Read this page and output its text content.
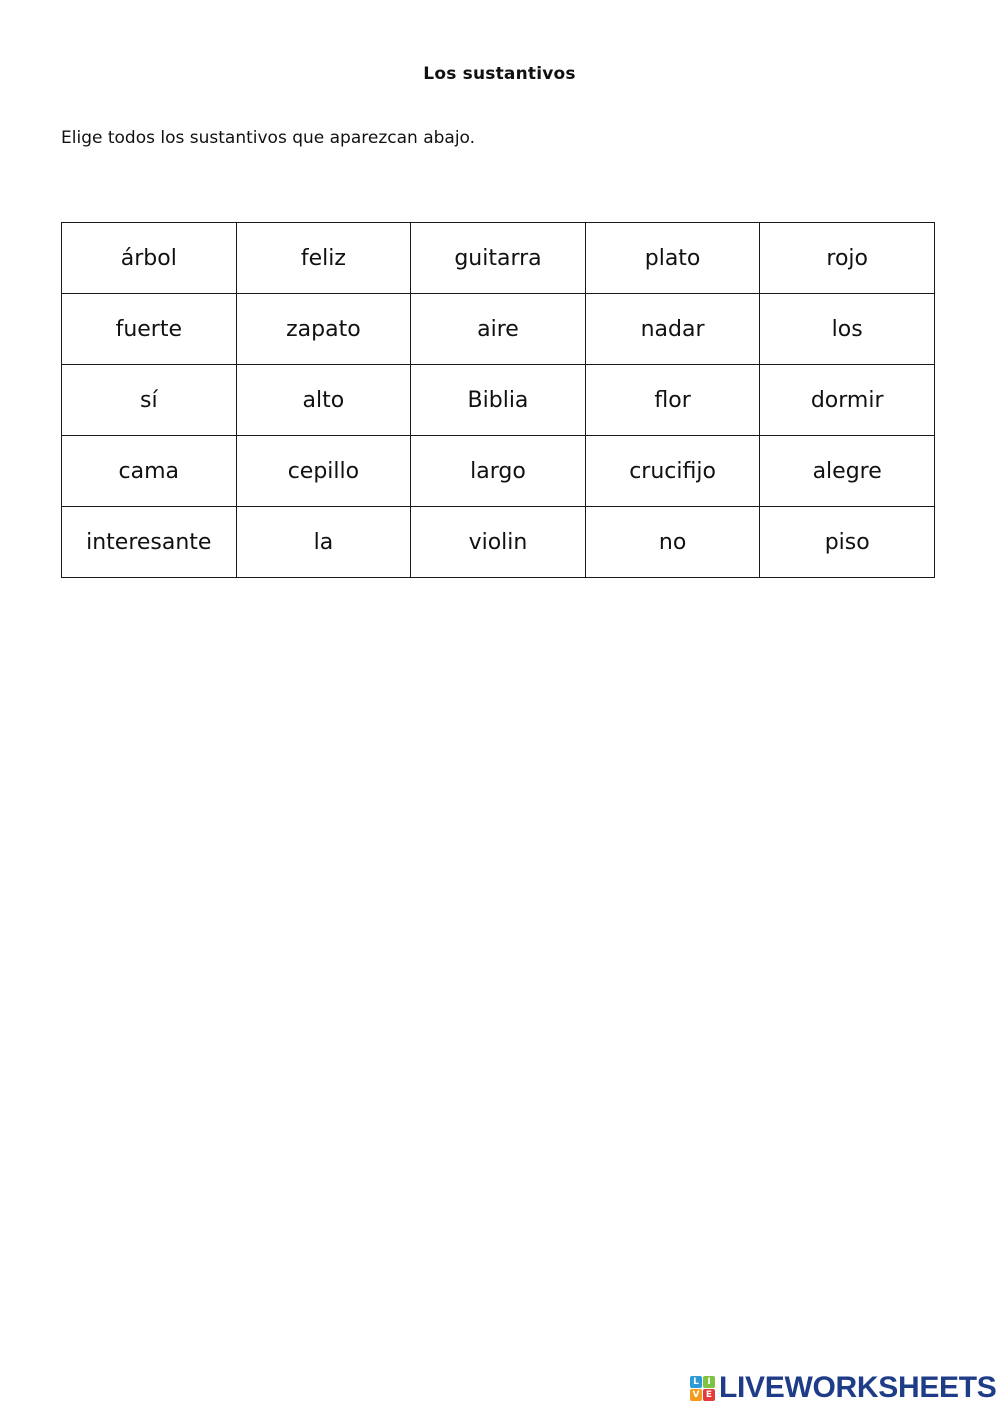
Los sustantivos
Elige todos los sustantivos que aparezcan abajo.
árbol	feliz	guitarra	plato	rojo
fuerte	zapato	aire	nadar	los
sí	alto	Biblia	flor	dormir
cama	cepillo	largo	crucifijo	alegre
interesante	la	violin	no	piso
L I
V E LIVEWORKSHEETS
